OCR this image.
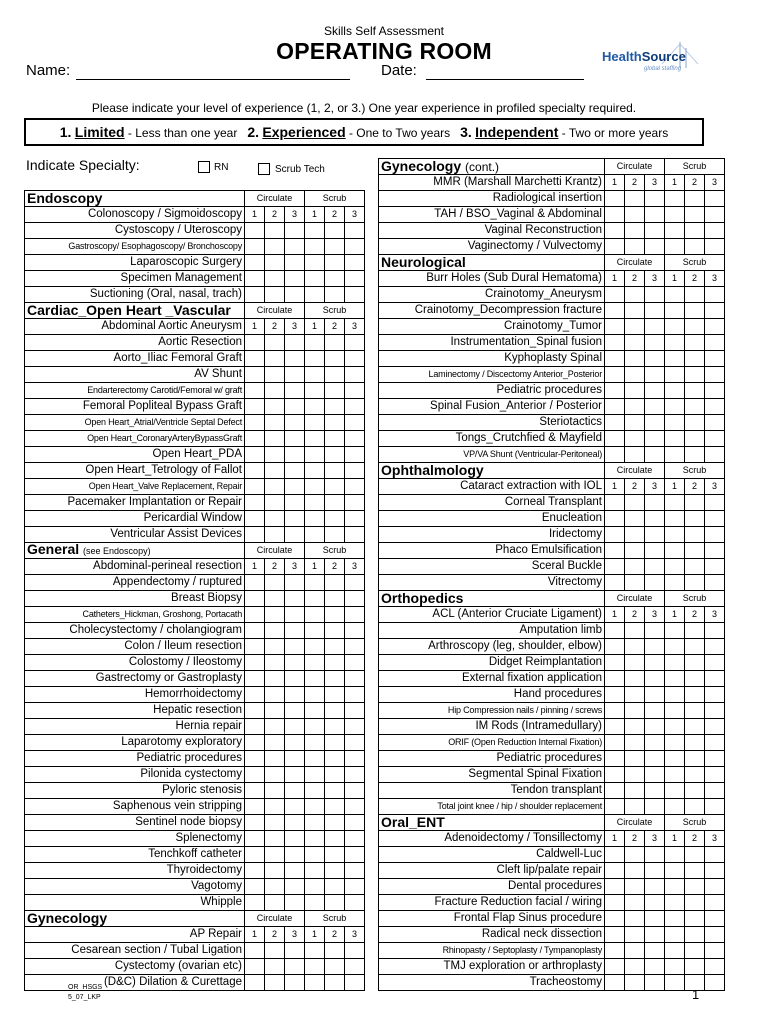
Skills Self Assessment
OPERATING ROOM	HealthSource
global staffing
Name:	Date:
Please indicate your level of experience (1, 2, or 3.) One year experience in profiled specialty required.
1. Limited - Less than one year 2. Experienced - One to Two years 3. Independent - Two or more years
Indicate Specialty:	RN	Scrub Tech
Endoscopy	Circulate			Scrub		
Colonoscopy / Sigmoidoscopy	1	2	3	1	2	3
Cystoscopy / Uteroscopy						
Gastroscopy/ Esophagoscopy/ Bronchoscopy						
Laparoscopic Surgery						
Specimen Management						
Suctioning (Oral, nasal, trach)						
Cardiac_Open Heart _Vascular	Circulate			Scrub		
Abdominal Aortic Aneurysm	1	2	3	1	2	3
Aortic Resection						
Aorto_Iliac Femoral Graft						
AV Shunt						
Endarterectomy Carotid/Femoral w/ graft						
Femoral Popliteal Bypass Graft						
Open Heart_Atrial/Ventricle Septal Defect						
Open Heart_CoronaryArteryBypassGraft						
Open Heart_PDA						
Open Heart_Tetrology of Fallot						
Open Heart_Valve Replacement, Repair						
Pacemaker Implantation or Repair						
Pericardial Window						
Ventricular Assist Devices						
General (see Endoscopy)	Circulate			Scrub		
Abdominal-perineal resection	1	2	3	1	2	3
Appendectomy / ruptured						
Breast Biopsy						
Catheters_Hickman, Groshong, Portacath						
Cholecystectomy / cholangiogram						
Colon / Ileum resection						
Colostomy / Ileostomy						
Gastrectomy or Gastroplasty						
Hemorrhoidectomy						
Hepatic resection						
Hernia repair						
Laparotomy exploratory						
Pediatric procedures						
Pilonida cystectomy						
Pyloric stenosis						
Saphenous vein stripping						
Sentinel node biopsy						
Splenectomy						
Tenchkoff catheter						
Thyroidectomy						
Vagotomy						
Whipple						
Gynecology	Circulate			Scrub		
AP Repair	1	2	3	1	2	3
Cesarean section / Tubal Ligation						
Cystectomy (ovarian etc)						
(D&C) Dilation & Curettage						
Gynecology (cont.)	Circulate			Scrub		
MMR (Marshall Marchetti Krantz)	1	2	3	1	2	3
Radiological insertion						
TAH / BSO_Vaginal & Abdominal						
Vaginal Reconstruction						
Vaginectomy / Vulvectomy						
Neurological	Circulate			Scrub		
Burr Holes (Sub Dural Hematoma)	1	2	3	1	2	3
Crainotomy_Aneurysm						
Crainotomy_Decompression fracture						
Crainotomy_Tumor						
Instrumentation_Spinal fusion						
Kyphoplasty Spinal						
Laminectomy / Discectomy Anterior_Posterior						
Pediatric procedures						
Spinal Fusion_Anterior / Posterior						
Steriotactics						
Tongs_Crutchfied & Mayfield						
VP/VA Shunt (Ventricular-Peritoneal)						
Ophthalmology	Circulate			Scrub		
Cataract extraction with IOL	1	2	3	1	2	3
Corneal Transplant						
Enucleation						
Iridectomy						
Phaco Emulsification						
Sceral Buckle						
Vitrectomy						
Orthopedics	Circulate			Scrub		
ACL (Anterior Cruciate Ligament)	1	2	3	1	2	3
Amputation limb						
Arthroscopy (leg, shoulder, elbow)						
Didget Reimplantation						
External fixation application						
Hand procedures						
Hip Compression nails / pinning / screws						
IM Rods (Intramedullary)						
ORIF (Open Reduction Internal Fixation)						
Pediatric procedures						
Segmental Spinal Fixation						
Tendon transplant						
Total joint knee / hip / shoulder replacement						
Oral_ENT	Circulate			Scrub		
Adenoidectomy / Tonsillectomy	1	2	3	1	2	3
Caldwell-Luc						
Cleft lip/palate repair						
Dental procedures						
Fracture Reduction facial / wiring						
Frontal Flap Sinus procedure						
Radical neck dissection						
Rhinopasty / Septoplasty / Tympanoplasty						
TMJ exploration or arthroplasty						
Tracheostomy						
OR_HSGS
5_07_LKP	1
